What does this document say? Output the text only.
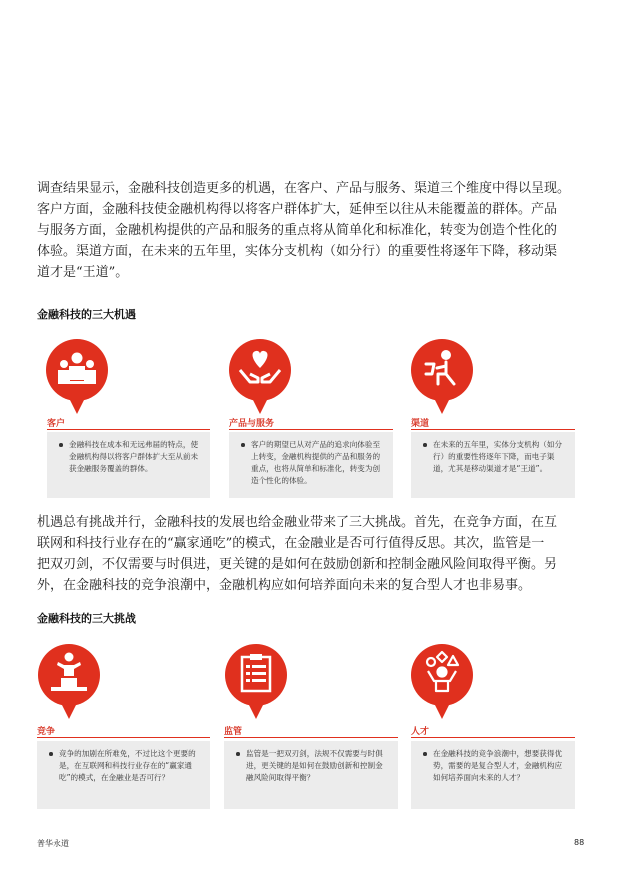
调查结果显示，金融科技创造更多的机遇，在客户、产品与服务、渠道三个维度中得以呈现。
客户方面，金融科技使金融机构得以将客户群体扩大，延伸至以往从未能覆盖的群体。产品
与服务方面，金融机构提供的产品和服务的重点将从简单化和标准化，转变为创造个性化的
体验。渠道方面，在未来的五年里，实体分支机构（如分行）的重要性将逐年下降，移动渠
道才是“王道”。
金融科技的三大机遇
客户
金融科技在成本和无远弗届的特点，使金融机构得以将客户群体扩大至从前未获金融服务覆盖的群体。
产品与服务
客户的期望已从对产品的追求向体验至上转变，金融机构提供的产品和服务的重点，也将从简单和标准化，转变为创造个性化的体验。
渠道
在未来的五年里，实体分支机构（如分行）的重要性将逐年下降，而电子渠道，尤其是移动渠道才是“王道”。
机遇总有挑战并行，金融科技的发展也给金融业带来了三大挑战。首先，在竞争方面，在互
联网和科技行业存在的“赢家通吃”的模式，在金融业是否可行值得反思。其次，监管是一
把双刃剑，不仅需要与时俱进，更关键的是如何在鼓励创新和控制金融风险间取得平衡。另
外，在金融科技的竞争浪潮中，金融机构应如何培养面向未来的复合型人才也非易事。
金融科技的三大挑战
竞争
竞争的加剧在所难免，不过比这个更要的是，在互联网和科技行业存在的“赢家通吃”的模式，在金融业是否可行？
监管
监管是一把双刃剑，法规不仅需要与时俱进，更关键的是如何在鼓励创新和控制金融风险间取得平衡？
人才
在金融科技的竞争浪潮中，想要获得优势，需要的是复合型人才，金融机构应如何培养面向未来的人才？
普华永道	88
